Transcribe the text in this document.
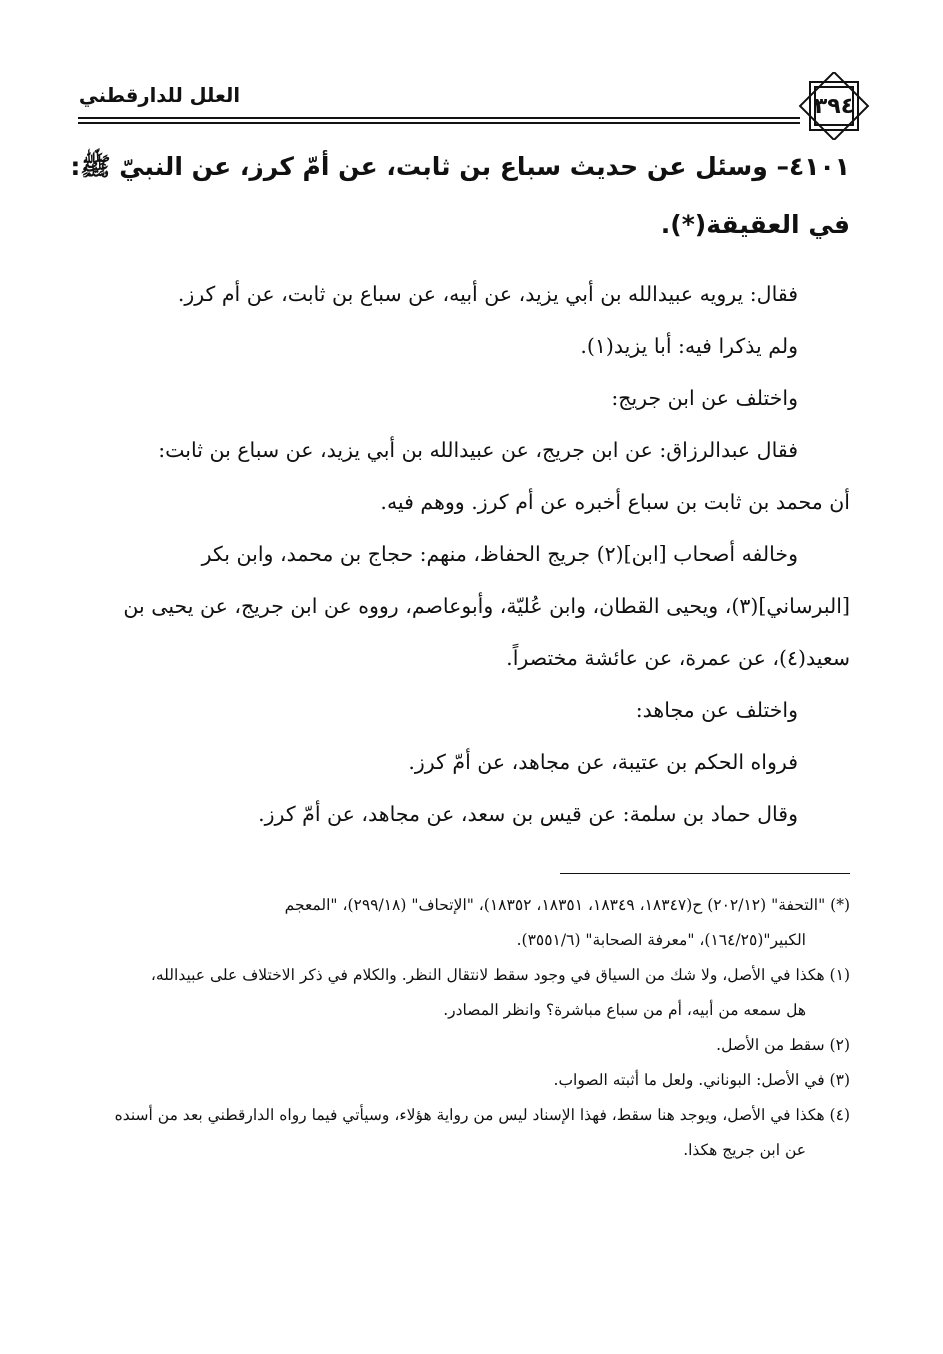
العلل للدارقطني	٣٩٤

٤١٠١– وسئل عن حديث سباع بن ثابت، عن أمّ كرز، عن النبيّ ﷺ:

في العقيقة(*).

فقال: يرويه عبيدالله بن أبي يزيد، عن أبيه، عن سباع بن ثابت، عن أم كرز.

ولم يذكرا فيه: أبا يزيد(١).

واختلف عن ابن جريج:

فقال عبدالرزاق: عن ابن جريج، عن عبيدالله بن أبي يزيد، عن سباع بن ثابت:

أن محمد بن ثابت بن سباع أخبره عن أم كرز. ووهم فيه.

وخالفه أصحاب [ابن](٢) جريج الحفاظ، منهم: حجاج بن محمد، وابن بكر

[البرساني](٣)، ويحيى القطان، وابن عُليّة، وأبوعاصم، رووه عن ابن جريج، عن يحيى بن

سعيد(٤)، عن عمرة، عن عائشة مختصراً.

واختلف عن مجاهد:

فرواه الحكم بن عتيبة، عن مجاهد، عن أمّ كرز.

وقال حماد بن سلمة: عن قيس بن سعد، عن مجاهد، عن أمّ كرز.

(*) "التحفة" (٢٠٢/١٢) ح(١٨٣٤٧، ١٨٣٤٩، ١٨٣٥١، ١٨٣٥٢)، "الإتحاف" (٢٩٩/١٨)، "المعجم

الكبير"(١٦٤/٢٥)، "معرفة الصحابة" (٣٥٥١/٦).

(١) هكذا في الأصل، ولا شك من السياق في وجود سقط لانتقال النظر. والكلام في ذكر الاختلاف على عبيدالله،

هل سمعه من أبيه، أم من سباع مباشرة؟ وانظر المصادر.

(٢) سقط من الأصل.

(٣) في الأصل: البوناني. ولعل ما أثبته الصواب.

(٤) هكذا في الأصل، ويوجد هنا سقط، فهذا الإسناد ليس من رواية هؤلاء، وسيأتي فيما رواه الدارقطني بعد من أسنده

عن ابن جريج هكذا.
